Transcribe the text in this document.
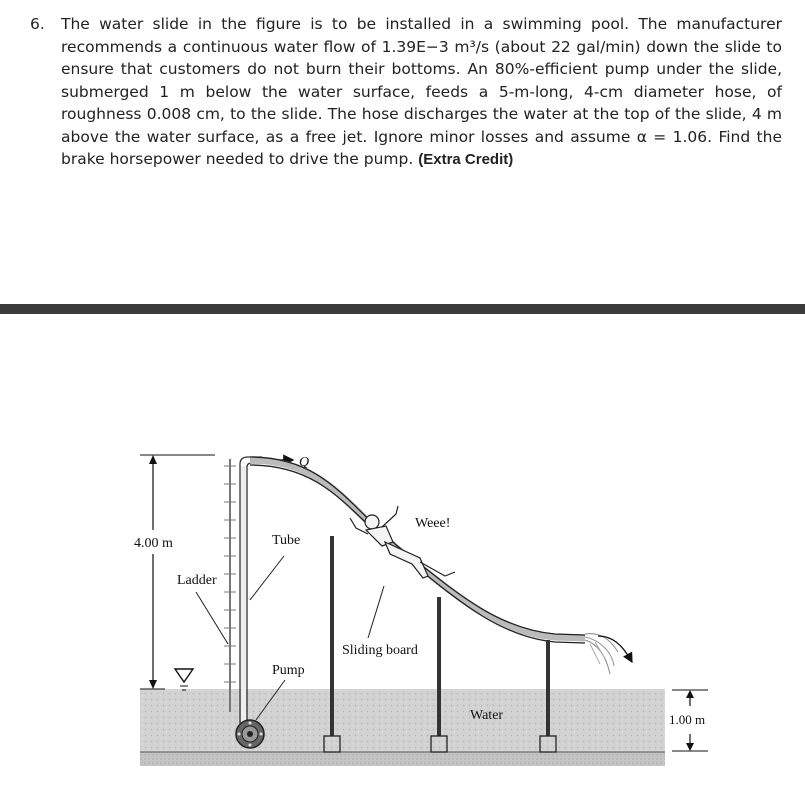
6.	The water slide in the figure is to be installed in a swimming pool. The manufacturer recommends a continuous water flow of 1.39E−3 m³/s (about 22 gal/min) down the slide to ensure that customers do not burn their bottoms. An 80%-efficient pump under the slide, submerged 1 m below the water surface, feeds a 5-m-long, 4-cm diameter hose, of roughness 0.008 cm, to the slide. The hose discharges the water at the top of the slide, 4 m above the water surface, as a free jet. Ignore minor losses and assume α = 1.06. Find the brake horsepower needed to drive the pump. (Extra Credit)
Q
Weee!
4.00 m	Tube
Ladder
Sliding board
Pump
Water	1.00 m
